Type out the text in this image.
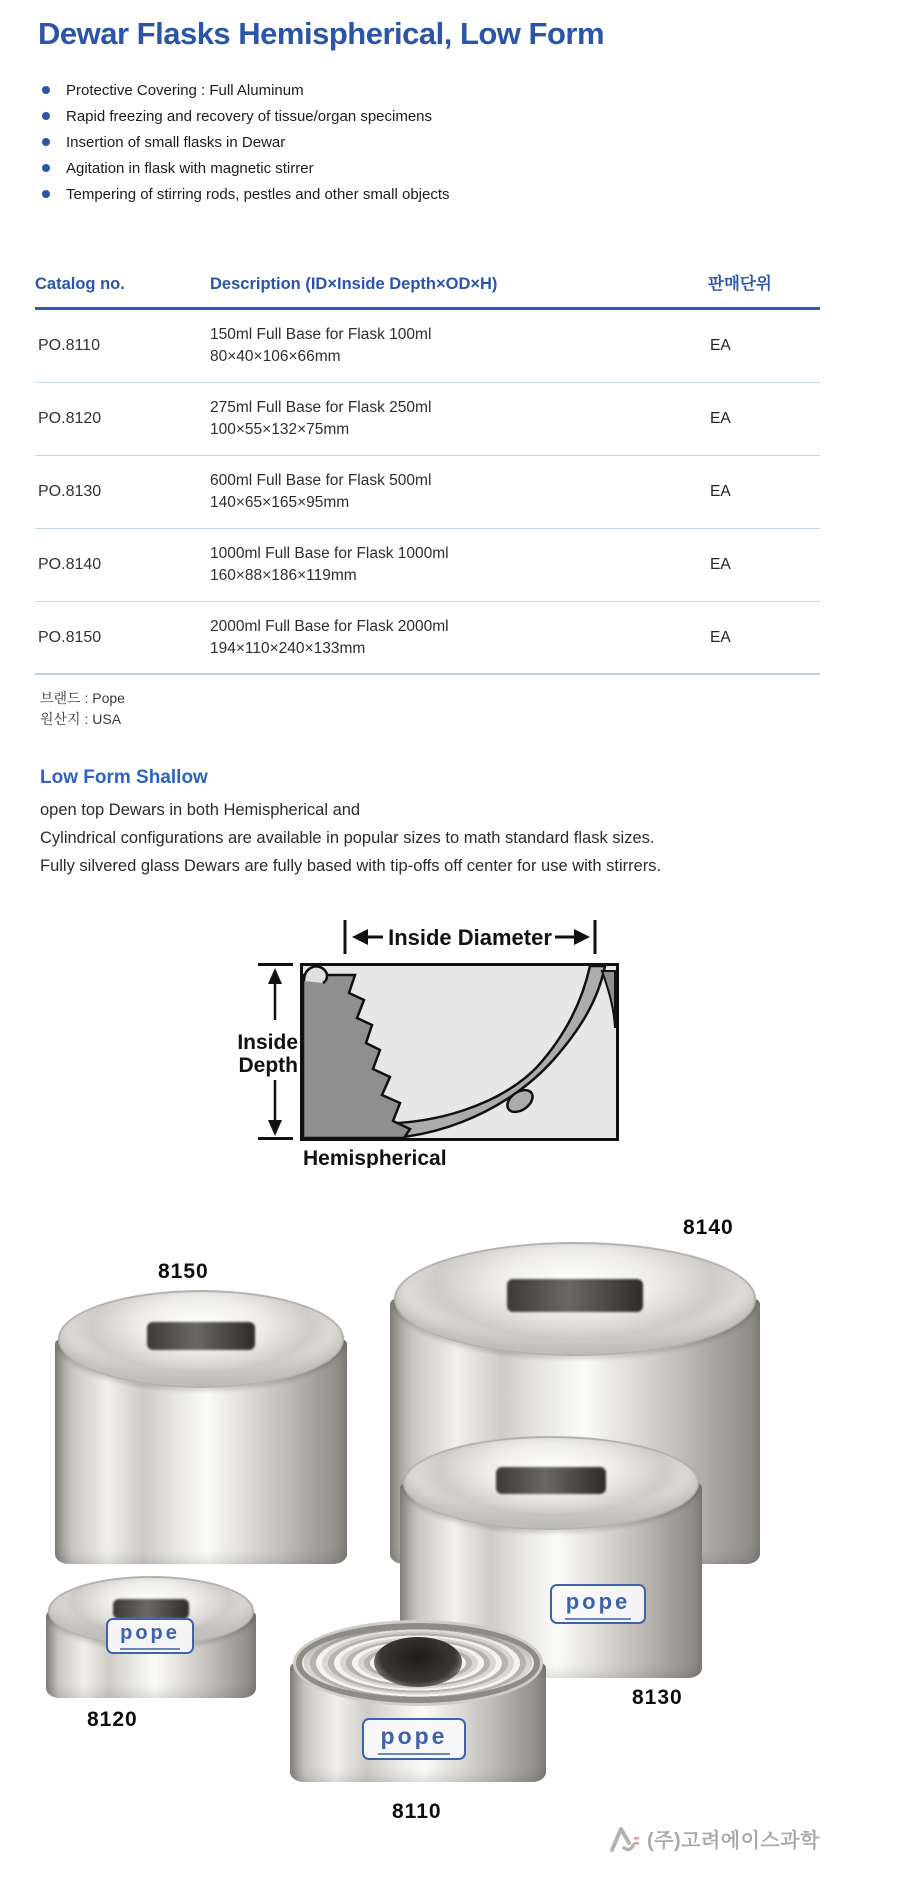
Dewar Flasks Hemispherical, Low Form
Protective Covering : Full Aluminum
Rapid freezing and recovery of tissue/organ specimens
Insertion of small flasks in Dewar
Agitation in flask with magnetic stirrer
Tempering of stirring rods, pestles and other small objects
Catalog no.	Description (ID×Inside Depth×OD×H)	판매단위
PO.8110
150ml Full Base for Flask 100ml
80×40×106×66mm
EA
PO.8120
275ml Full Base for Flask 250ml
100×55×132×75mm
EA
PO.8130
600ml Full Base for Flask 500ml
140×65×165×95mm
EA
PO.8140
1000ml Full Base for Flask 1000ml
160×88×186×119mm
EA
PO.8150
2000ml Full Base for Flask 2000ml
194×110×240×133mm
EA
브랜드 : Pope
원산지 : USA
Low Form Shallow
open top Dewars in both Hemispherical and
Cylindrical configurations are available in popular sizes to math standard flask sizes.
Fully silvered glass Dewars are fully based with tip-offs off center for use with stirrers.
Inside Diameter
Inside
Depth
Hemispherical
pope
pope
pope
8140
8150
8130
8120
8110
(주)고려에이스과학
